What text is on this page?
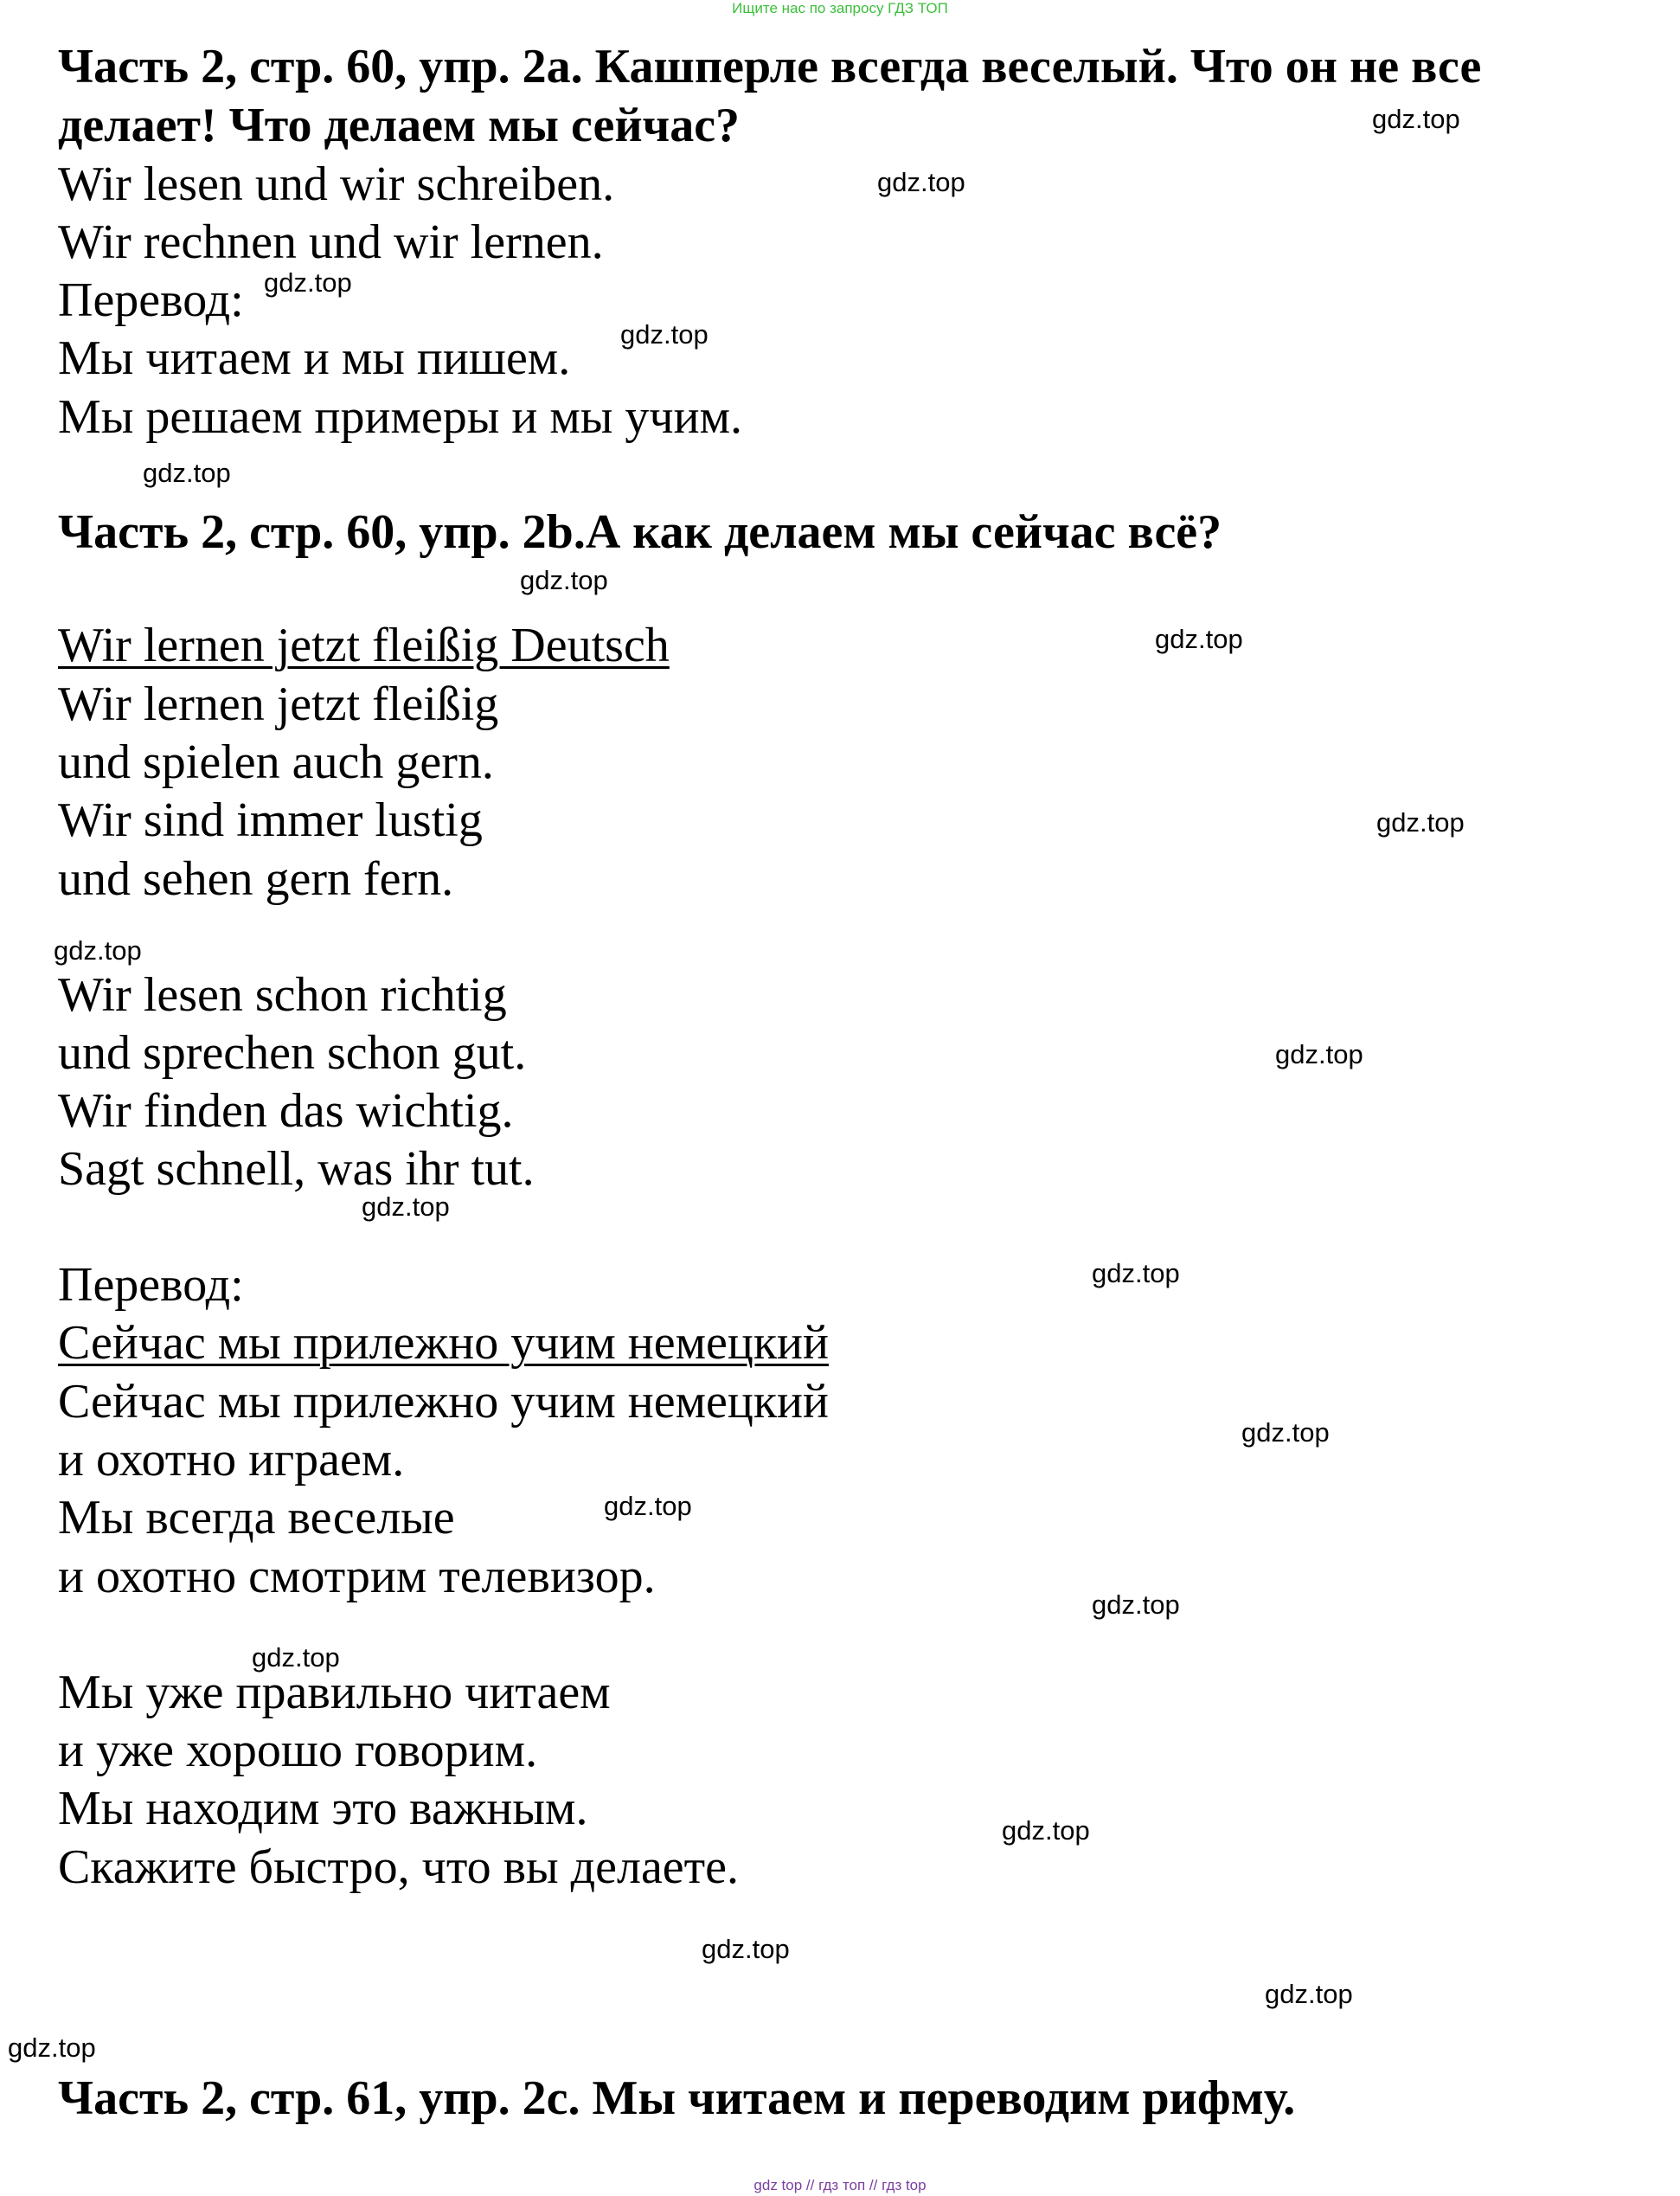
Ищите нас по запросу ГДЗ ТОП
Часть 2, стр. 60, упр. 2a. Кашперле всегда веселый. Что он не все
делает! Что делаем мы сейчас?
Wir lesen und wir schreiben.
Wir rechnen und wir lernen.
Перевод:
Мы читаем и мы пишем.
Мы решаем примеры и мы учим.
Часть 2, стр. 60, упр. 2b.А как делаем мы сейчас всё?
Wir lernen jetzt fleißig Deutsch
Wir lernen jetzt fleißig
und spielen auch gern.
Wir sind immer lustig
und sehen gern fern.
Wir lesen schon richtig
und sprechen schon gut.
Wir finden das wichtig.
Sagt schnell, was ihr tut.
Перевод:
Сейчас мы прилежно учим немецкий
Сейчас мы прилежно учим немецкий
и охотно играем.
Мы всегда веселые
и охотно смотрим телевизор.
Мы уже правильно читаем
и уже хорошо говорим.
Мы находим это важным.
Скажите быстро, что вы делаете.
Часть 2, стр. 61, упр. 2c. Мы читаем и переводим рифму.
gdz.top
gdz.top
gdz.top
gdz.top
gdz.top
gdz.top
gdz.top
gdz.top
gdz.top
gdz.top
gdz.top
gdz.top
gdz.top
gdz.top
gdz.top
gdz.top
gdz.top
gdz.top
gdz.top
gdz.top
gdz top // гдз топ // гдз top
